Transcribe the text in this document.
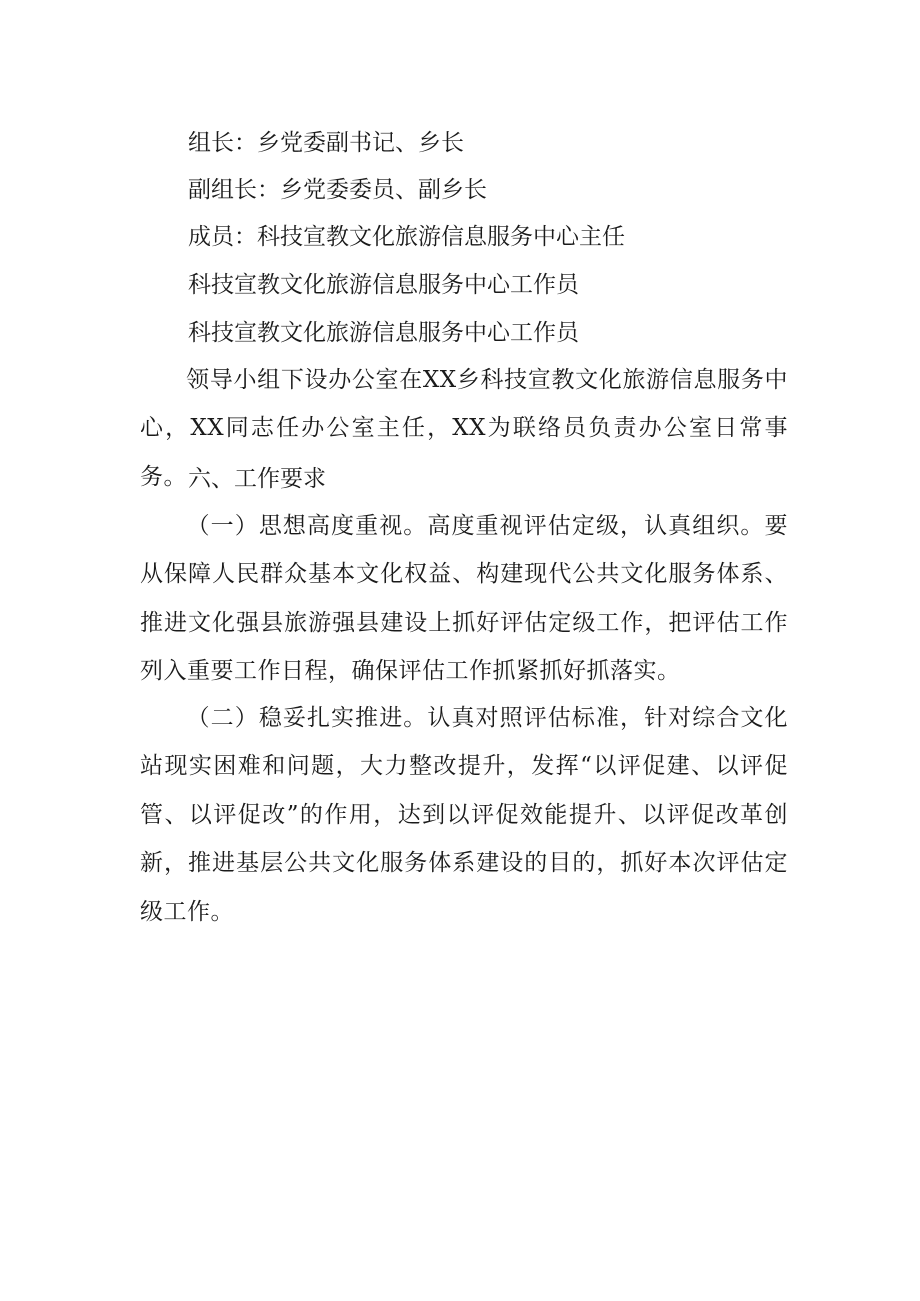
组长：乡党委副书记、乡长
副组长：乡党委委员、副乡长
成员：科技宣教文化旅游信息服务中心主任
科技宣教文化旅游信息服务中心工作员
科技宣教文化旅游信息服务中心工作员
领导小组下设办公室在XX乡科技宣教文化旅游信息服务中心，XX同志任办公室主任，XX为联络员负责办公室日常事务。 六、工作要求
（一）思想高度重视。高度重视评估定级，认真组织。要从保障人民群众基本文化权益、构建现代公共文化服务体系、推进文化强县旅游强县建设上抓好评估定级工作，把评估工作列入重要工作日程，确保评估工作抓紧抓好抓落实。
（二）稳妥扎实推进。认真对照评估标准，针对综合文化站现实困难和问题，大力整改提升，发挥“以评促建、以评促管、以评促改”的作用，达到以评促效能提升、以评促改革创新，推进基层公共文化服务体系建设的目的，抓好本次评估定级工作。
